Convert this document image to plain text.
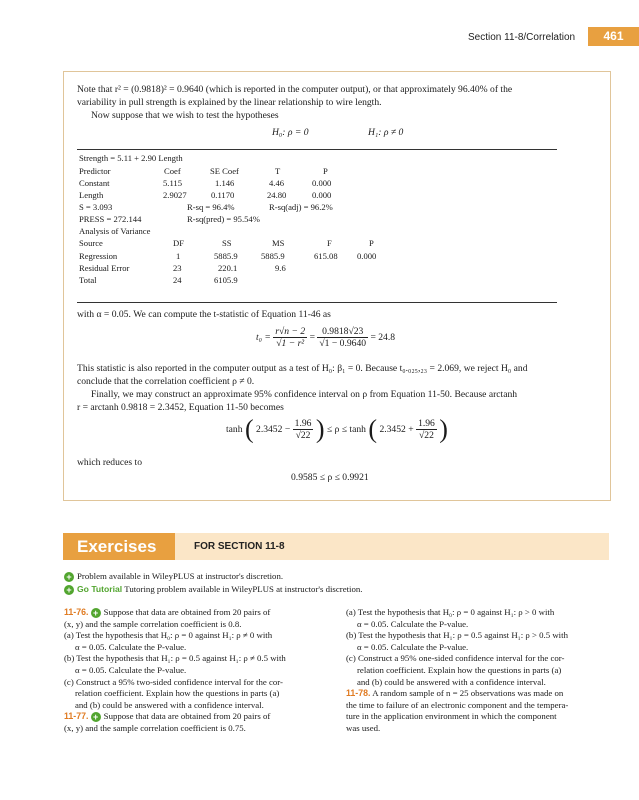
Section 11-8/Correlation	461
Note that r² = (0.9818)² = 0.9640 (which is reported in the computer output), or that approximately 96.40% of the
variability in pull strength is explained by the linear relationship to wire length.
Now suppose that we wish to test the hypotheses
H₀: ρ = 0	H₁: ρ ≠ 0
Strength = 5.11 + 2.90 Length
Predictor	Coef	SE Coef	T	P
Constant	5.115	1.146	4.46	0.000
Length	2.9027	0.1170	24.80	0.000
S = 3.093	R-sq = 96.4%	R-sq(adj) = 96.2%
PRESS = 272.144	R-sq(pred) = 95.54%
Analysis of Variance
Source	DF	SS	MS	F	P
Regression	1	5885.9	5885.9	615.08 0.000
Residual Error	23	220.1	9.6
Total	24	6105.9
with α = 0.05. We can compute the t-statistic of Equation 11-46 as
$t_0 = \frac{r√n - 2}{\text{√1 − r²}} = \frac{0.9818√23}{√1 - 0.9640} = 24.8$
This statistic is also reported in the computer output as a test of H₀: β₁ = 0. Because t₀.₀₂₅,₂₃ = 2.069, we reject H₀ and
conclude that the correlation coefficient ρ ≠ 0.
Finally, we may construct an approximate 95% confidence interval on ρ from Equation 11-50. Because arctanh
r = arctanh 0.9818 = 2.3452, Equation 11-50 becomes
tanh ( $2.3452 - \frac{1.96}{√22}$ ) ≤ ρ ≤ tanh ( $2.3452 + \frac{1.96}{√22}$ )
which reduces to
0.9585 ≤ ρ ≤ 0.9921
Exercises	FOR SECTION 11-8
+ Problem available in WileyPLUS at instructor's discretion.
+ Go Tutorial Tutoring problem available in WileyPLUS at instructor's discretion.
11-76. + Suppose that data are obtained from 20 pairs of
(x, y) and the sample correlation coefficient is 0.8.
(a) Test the hypothesis that H₀: ρ = 0 against H₁: ρ ≠ 0 with
α = 0.05. Calculate the P-value.
(b) Test the hypothesis that H₁: ρ = 0.5 against H₁: ρ ≠ 0.5 with
α = 0.05. Calculate the P-value.
(c) Construct a 95% two-sided confidence interval for the cor-
relation coefficient. Explain how the questions in parts (a)
and (b) could be answered with a confidence interval.
11-77. + Suppose that data are obtained from 20 pairs of
(x, y) and the sample correlation coefficient is 0.75.
(a) Test the hypothesis that H₀: ρ = 0 against H₁: ρ > 0 with
α = 0.05. Calculate the P-value.
(b) Test the hypothesis that H₁: ρ = 0.5 against H₁: ρ > 0.5 with
α = 0.05. Calculate the P-value.
(c) Construct a 95% one-sided confidence interval for the cor-
relation coefficient. Explain how the questions in parts (a)
and (b) could be answered with a confidence interval.
11-78. A random sample of n = 25 observations was made on
the time to failure of an electronic component and the tempera-
ture in the application environment in which the component
was used.
